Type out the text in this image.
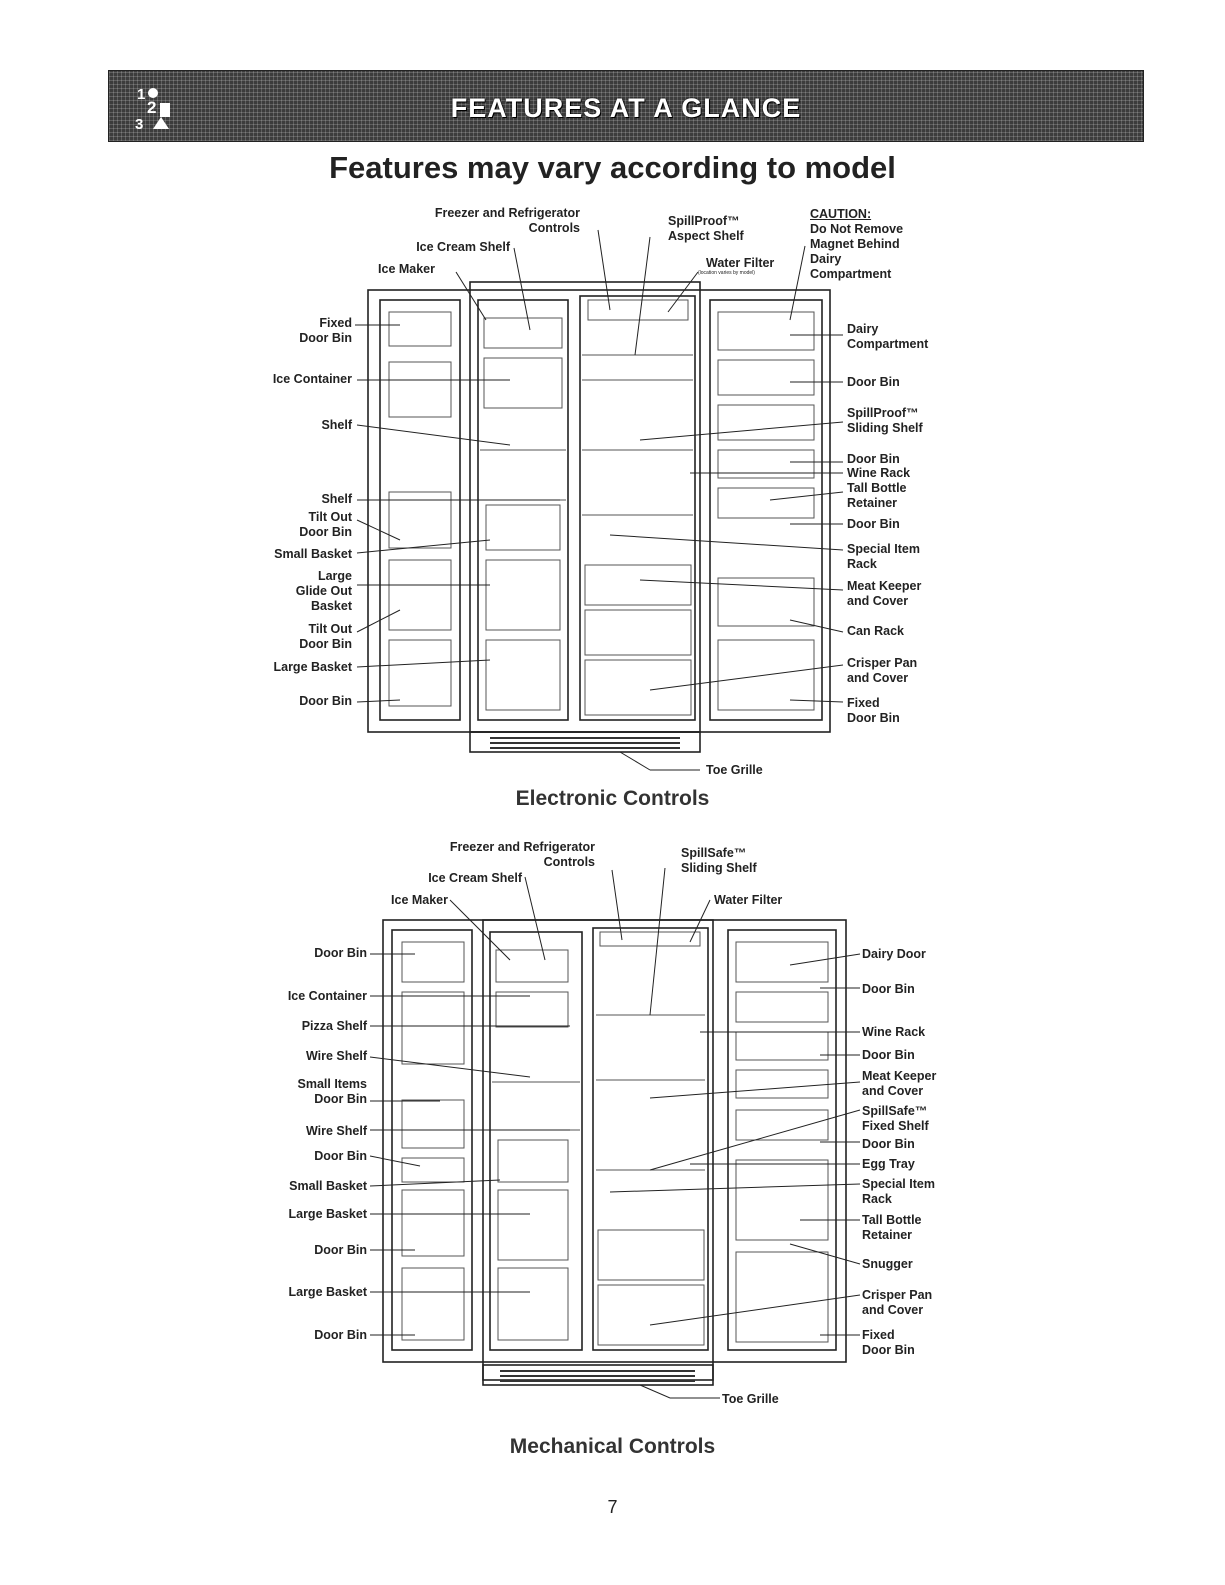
1
2
3
FEATURES AT A GLANCE
Features may vary according to model
Freezer and Refrigerator
Controls
Ice Cream Shelf
Ice Maker
SpillProof™
Aspect Shelf
Water Filter
(location varies by model)
CAUTION:
Do Not Remove
Magnet Behind
Dairy
Compartment
Fixed
Door Bin
Ice Container
Shelf
Shelf
Tilt Out
Door Bin
Small Basket
Large
Glide Out
Basket
Tilt Out
Door Bin
Large Basket
Door Bin
Dairy
Compartment
Door Bin
SpillProof™
Sliding Shelf
Door Bin
Wine Rack
Tall Bottle
Retainer
Door Bin
Special Item
Rack
Meat Keeper
and Cover
Can Rack
Crisper Pan
and Cover
Fixed
Door Bin
Toe Grille
Electronic Controls
Freezer and Refrigerator
Controls
Ice Cream Shelf
Ice Maker
SpillSafe™
Sliding Shelf
Water Filter
Door Bin
Ice Container
Pizza Shelf
Wire Shelf
Small Items
Door Bin
Wire Shelf
Door Bin
Small Basket
Large Basket
Door Bin
Large Basket
Door Bin
Dairy Door
Door Bin
Wine Rack
Door Bin
Meat Keeper
and Cover
SpillSafe™
Fixed Shelf
Door Bin
Egg Tray
Special Item
Rack
Tall Bottle
Retainer
Snugger
Crisper Pan
and Cover
Fixed
Door Bin
Toe Grille
Mechanical Controls
7
